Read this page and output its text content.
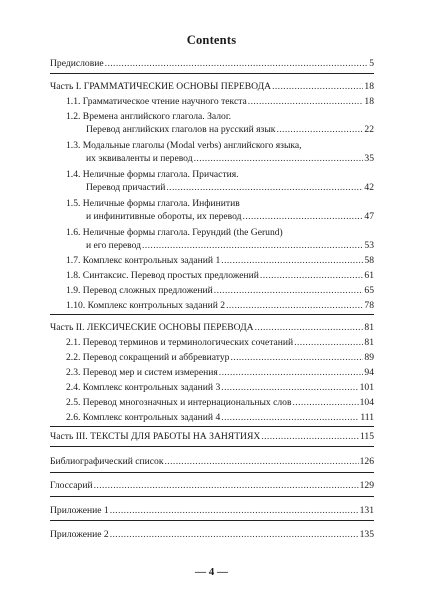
Contents
Предисловие .....	5
Часть I. ГРАММАТИЧЕСКИЕ ОСНОВЫ ПЕРЕВОДА .....	18
1.1. Грамматическое чтение научного текста .....	18
1.2. Времена английского глагола. Залог.
Перевод английских глаголов на русский язык .....	22
1.3. Модальные глаголы (Modal verbs) английского языка,
их эквиваленты и перевод .....	35
1.4. Неличные формы глагола. Причастия.
Перевод причастий .....	42
1.5. Неличные формы глагола. Инфинитив
и инфинитивные обороты, их перевод .....	47
1.6. Неличные формы глагола. Герундий (the Gerund)
и его перевод .....	53
1.7. Комплекс контрольных заданий 1 .....	58
1.8. Синтаксис. Перевод простых предложений .....	61
1.9. Перевод сложных предложений .....	65
1.10. Комплекс контрольных заданий 2 .....	78
Часть II. ЛЕКСИЧЕСКИЕ ОСНОВЫ ПЕРЕВОДА .....	81
2.1. Перевод терминов и терминологических сочетаний .....	81
2.2. Перевод сокращений и аббревиатур .....	89
2.3. Перевод мер и систем измерения .....	94
2.4. Комплекс контрольных заданий 3 .....	101
2.5. Перевод многозначных и интернациональных слов .....	104
2.6. Комплекс контрольных заданий 4 .....	111
Часть III. ТЕКСТЫ ДЛЯ РАБОТЫ НА ЗАНЯТИЯХ .....	115
Библиографический список .....	126
Глоссарий .....	129
Приложение 1 .....	131
Приложение 2 .....	135
— 4 —
